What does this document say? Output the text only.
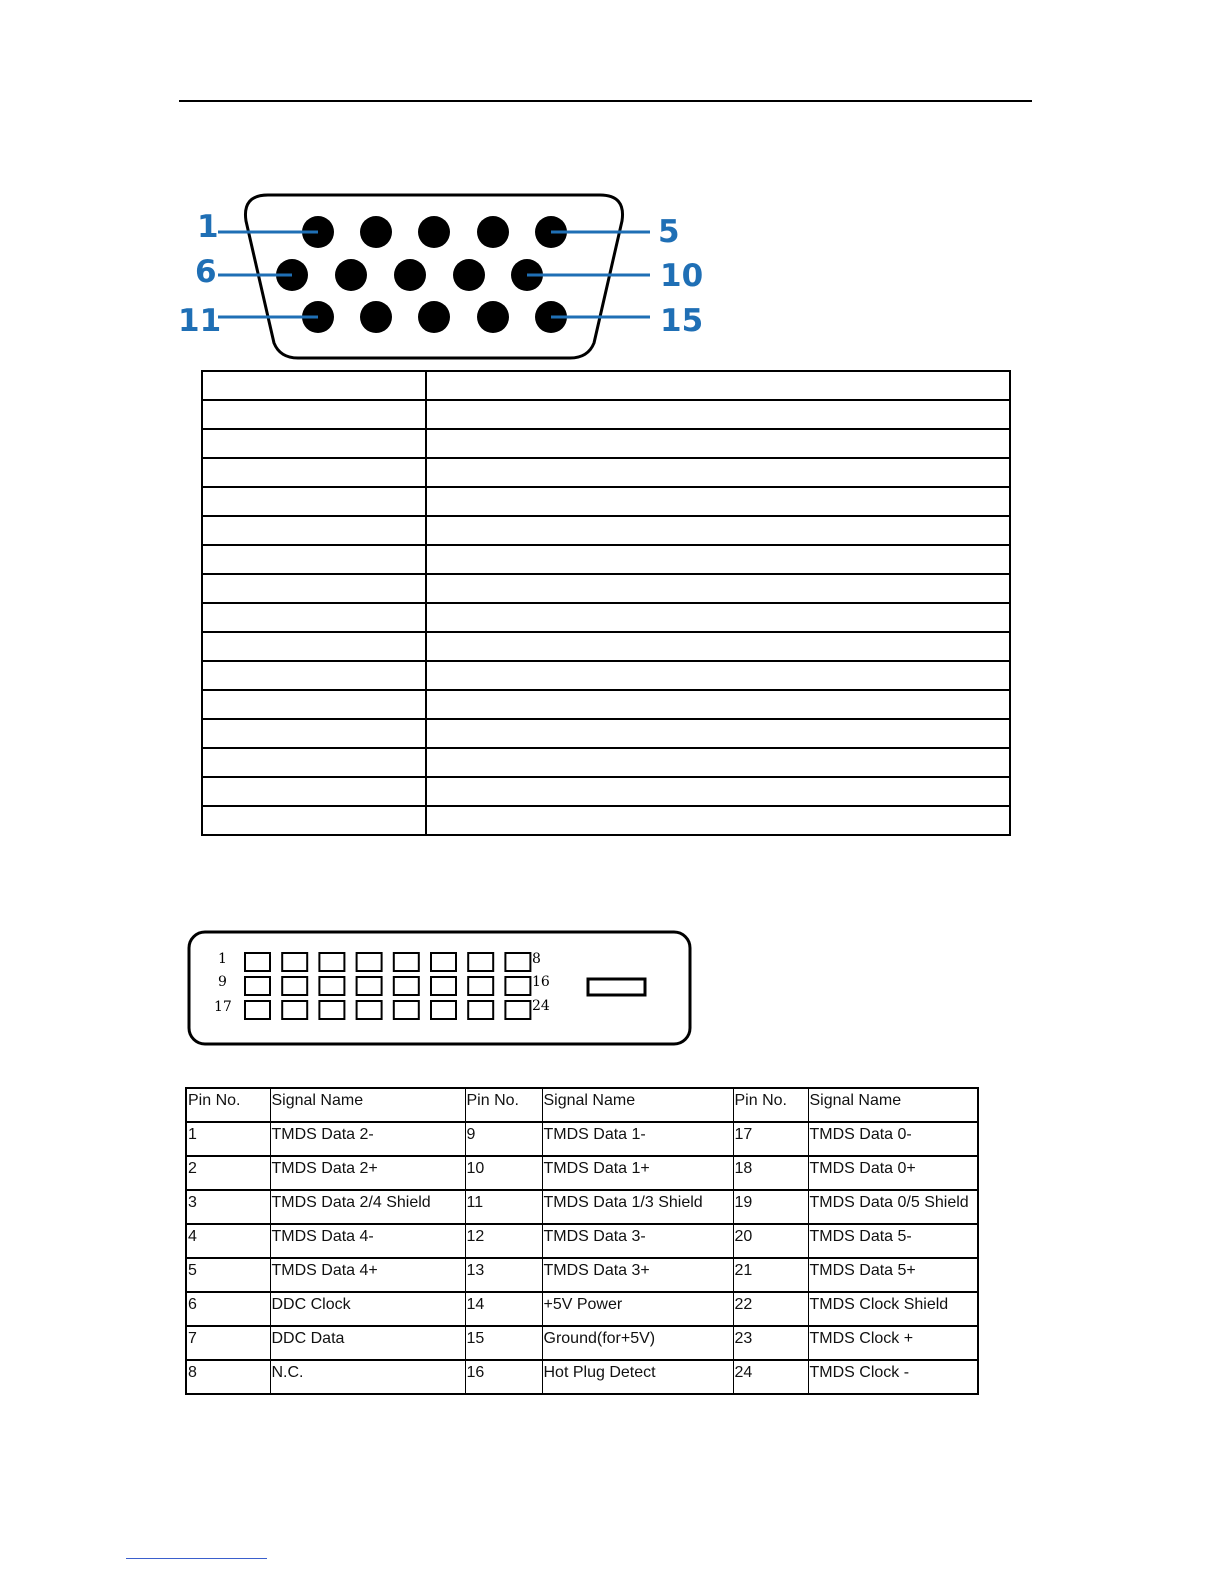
1	5
6	10
11	15

1
9
17
8
16
24
Pin No.	Signal Name	Pin No.	Signal Name	Pin No.	Signal Name
1	TMDS Data 2-	9	TMDS Data 1-	17	TMDS Data 0-
2	TMDS Data 2+	10	TMDS Data 1+	18	TMDS Data 0+
3	TMDS Data 2/4 Shield	11	TMDS Data 1/3 Shield	19	TMDS Data 0/5 Shield
4	TMDS Data 4-	12	TMDS Data 3-	20	TMDS Data 5-
5	TMDS Data 4+	13	TMDS Data 3+	21	TMDS Data 5+
6	DDC Clock	14	+5V Power	22	TMDS Clock Shield
7	DDC Data	15	Ground(for+5V)	23	TMDS Clock +
8	N.C.	16	Hot Plug Detect	24	TMDS Clock -
